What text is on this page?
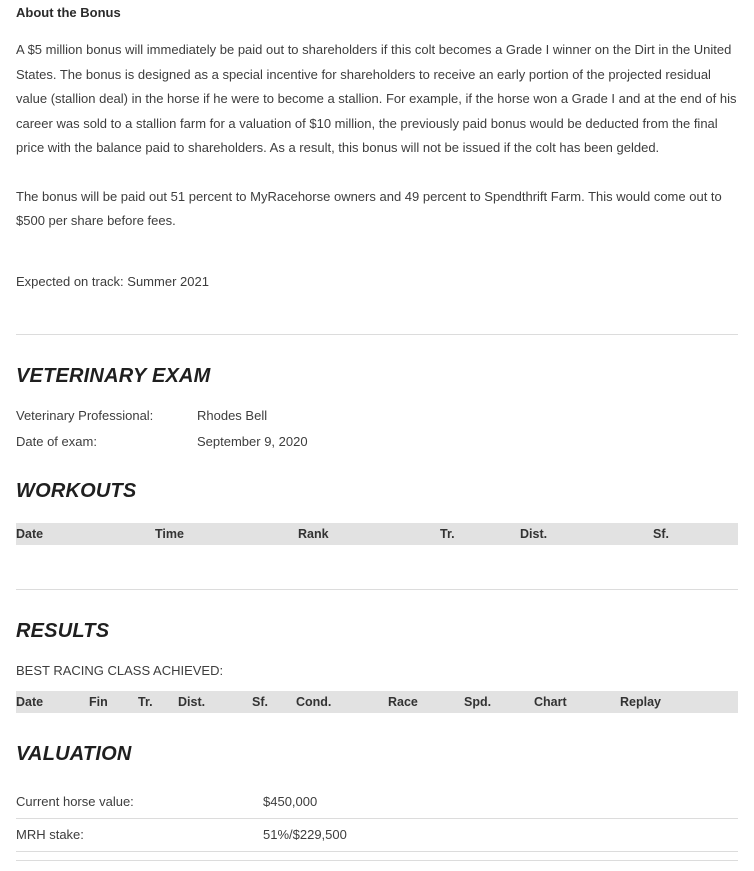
About the Bonus

A $5 million bonus will immediately be paid out to shareholders if this colt becomes a Grade I winner on the Dirt in the United States. The bonus is designed as a special incentive for shareholders to receive an early portion of the projected residual value (stallion deal) in the horse if he were to become a stallion. For example, if the horse won a Grade I and at the end of his career was sold to a stallion farm for a valuation of $10 million, the previously paid bonus would be deducted from the final price with the balance paid to shareholders. As a result, this bonus will not be issued if the colt has been gelded.

The bonus will be paid out 51 percent to MyRacehorse owners and 49 percent to Spendthrift Farm. This would come out to $500 per share before fees.

Expected on track: Summer 2021

VETERINARY EXAM
Veterinary Professional:	Rhodes Bell
Date of exam:	September 9, 2020
WORKOUTS
Date	Time	Rank	Tr.	Dist.	Sf.
RESULTS

BEST RACING CLASS ACHIEVED:

Date	Fin	Tr.	Dist.	Sf.	Cond.	Race	Spd.	Chart	Replay
VALUATION
Current horse value:	$450,000
MRH stake:	51%/$229,500
